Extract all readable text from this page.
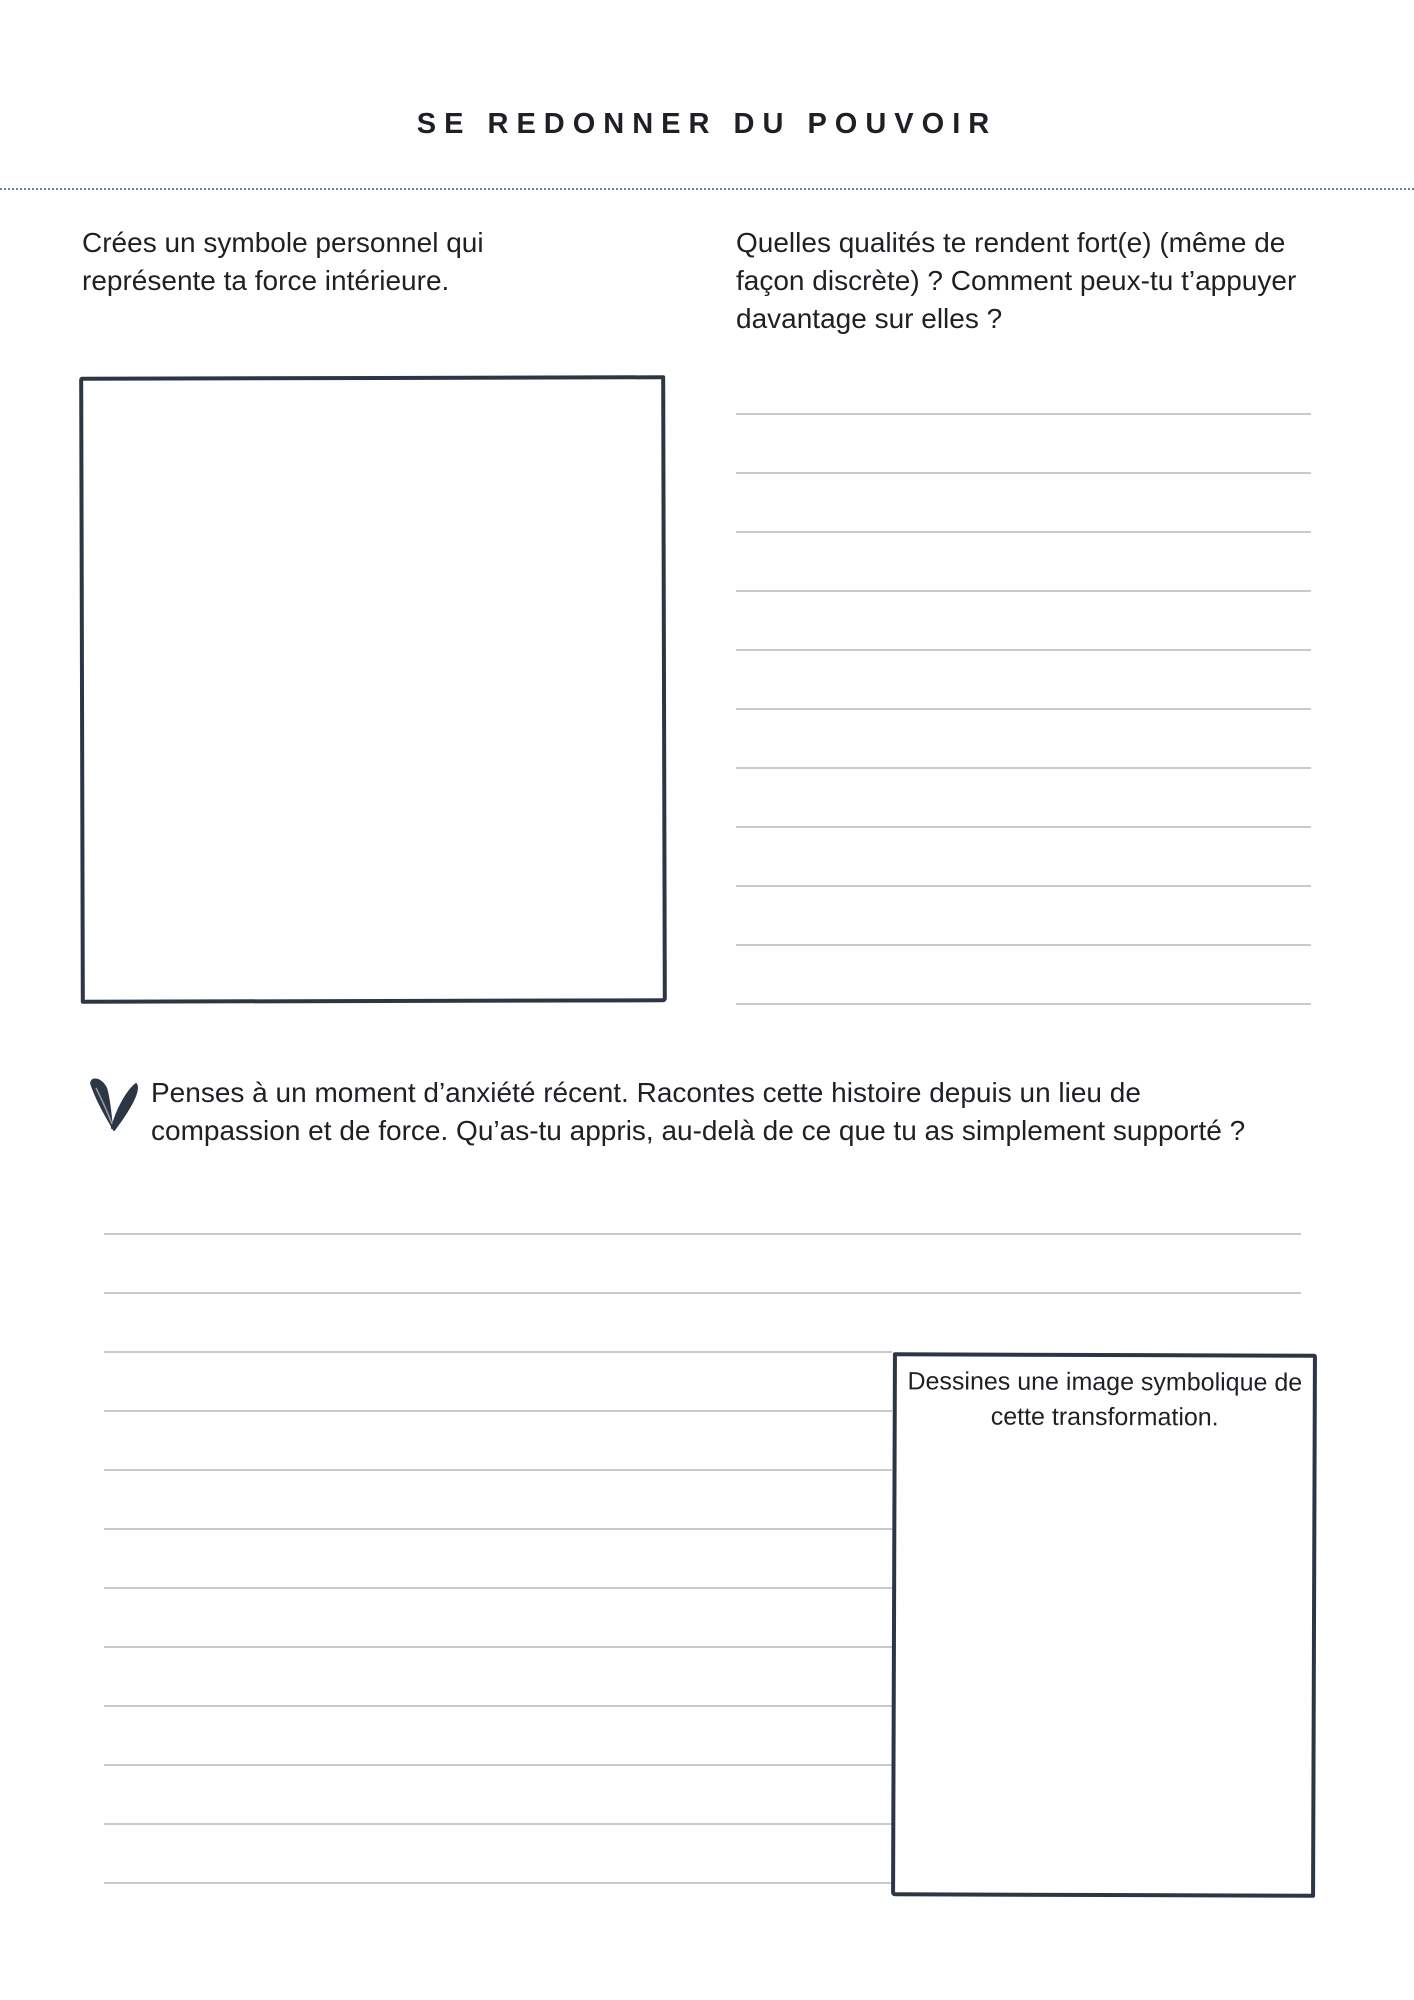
SE REDONNER DU POUVOIR
Crées un symbole personnel qui représente ta force intérieure.
Quelles qualités te rendent fort(e) (même de façon discrète) ? Comment peux-tu t’appuyer davantage sur elles ?
Penses à un moment d’anxiété récent. Racontes cette histoire depuis un lieu de compassion et de force. Qu’as-tu appris, au-delà de ce que tu as simplement supporté ?
Dessines une image symbolique de cette transformation.
